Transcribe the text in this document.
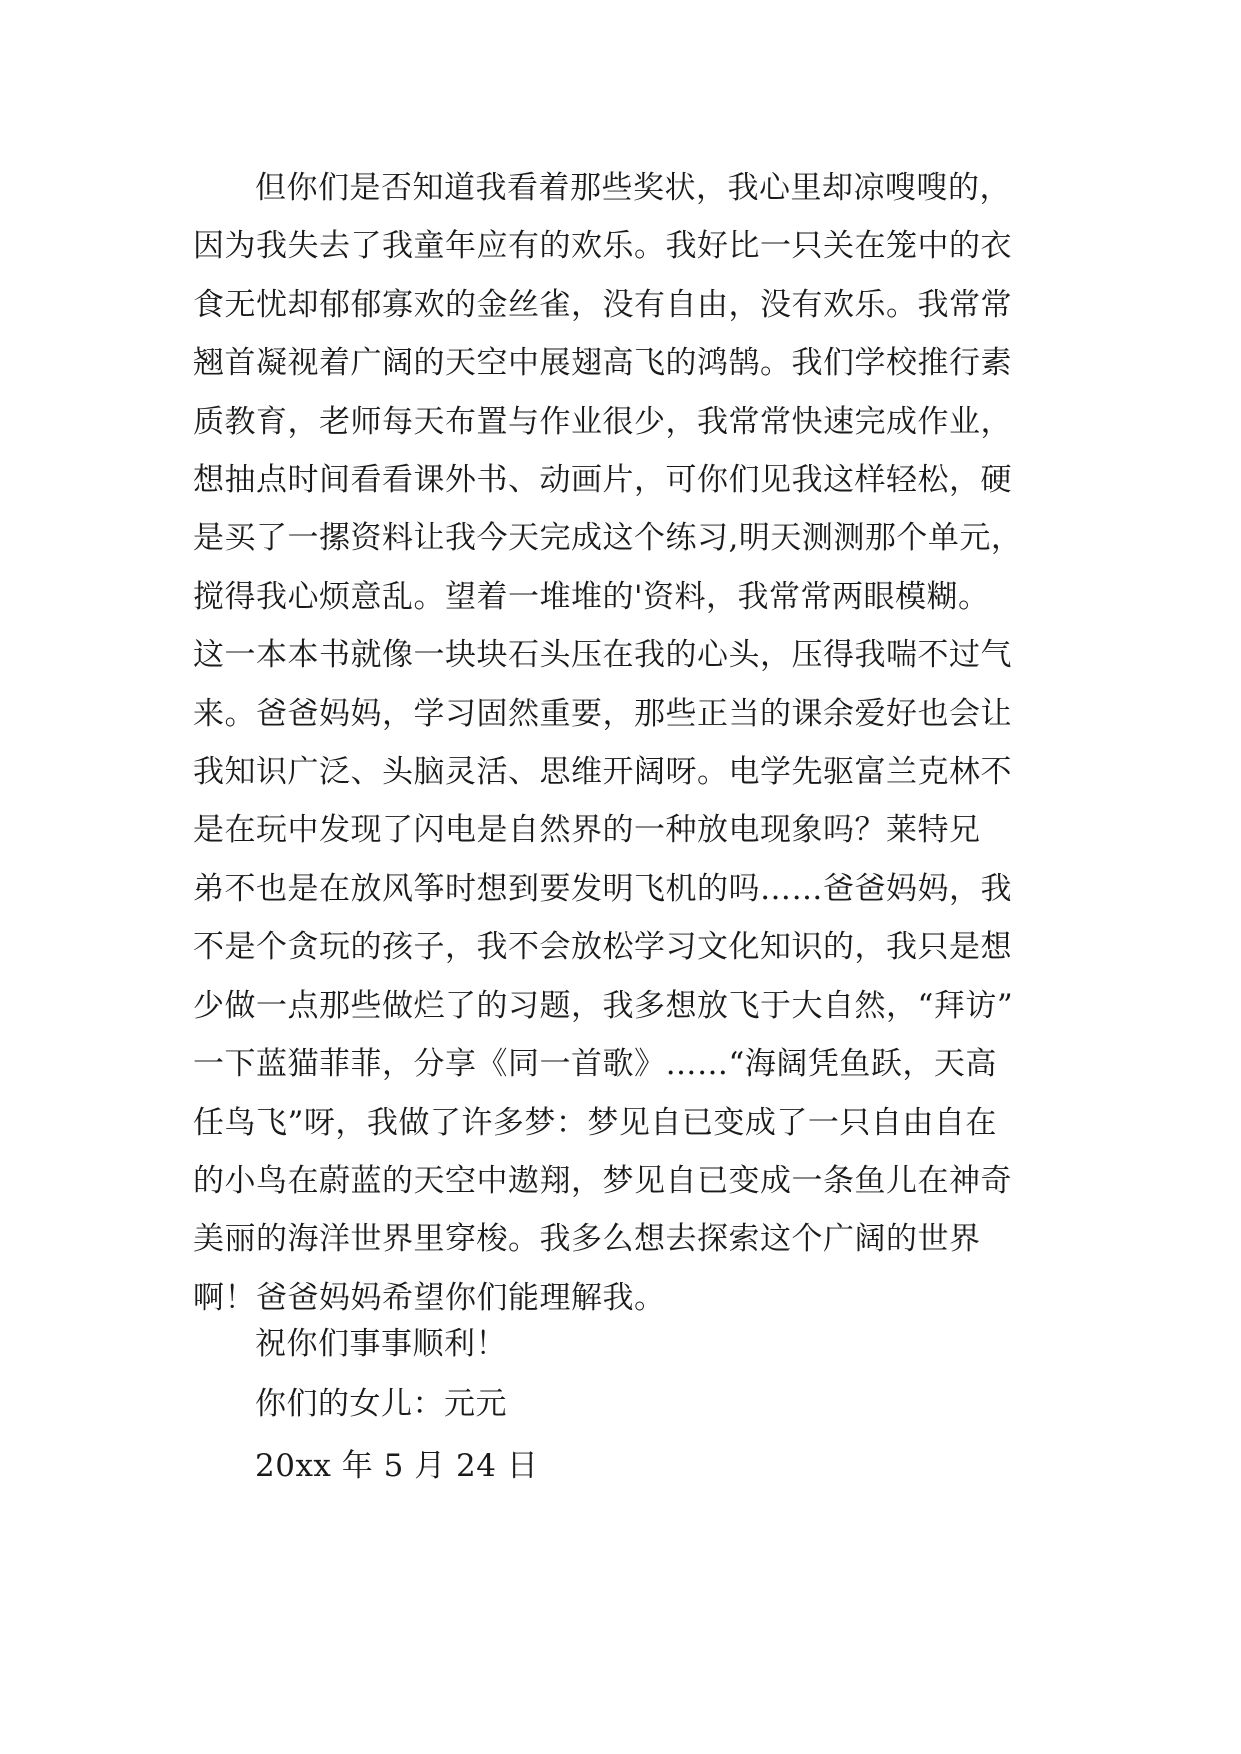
但你们是否知道我看着那些奖状，我心里却凉嗖嗖的，
因为我失去了我童年应有的欢乐。我好比一只关在笼中的衣
食无忧却郁郁寡欢的金丝雀，没有自由，没有欢乐。我常常
翘首凝视着广阔的天空中展翅高飞的鸿鹄。我们学校推行素
质教育，老师每天布置与作业很少，我常常快速完成作业，
想抽点时间看看课外书、动画片，可你们见我这样轻松，硬
是买了一摞资料让我今天完成这个练习,明天测测那个单元，
搅得我心烦意乱。望着一堆堆的'资料，我常常两眼模糊。
这一本本书就像一块块石头压在我的心头，压得我喘不过气
来。爸爸妈妈，学习固然重要，那些正当的课余爱好也会让
我知识广泛、头脑灵活、思维开阔呀。电学先驱富兰克林不
是在玩中发现了闪电是自然界的一种放电现象吗？莱特兄
弟不也是在放风筝时想到要发明飞机的吗……爸爸妈妈，我
不是个贪玩的孩子，我不会放松学习文化知识的，我只是想
少做一点那些做烂了的习题，我多想放飞于大自然，“拜访”
一下蓝猫菲菲，分享《同一首歌》……“海阔凭鱼跃，天高
任鸟飞”呀，我做了许多梦：梦见自已变成了一只自由自在
的小鸟在蔚蓝的天空中遨翔，梦见自已变成一条鱼儿在神奇
美丽的海洋世界里穿梭。我多么想去探索这个广阔的世界
啊！爸爸妈妈希望你们能理解我。
祝你们事事顺利！
你们的女儿：元元
20xx 年 5 月 24 日
